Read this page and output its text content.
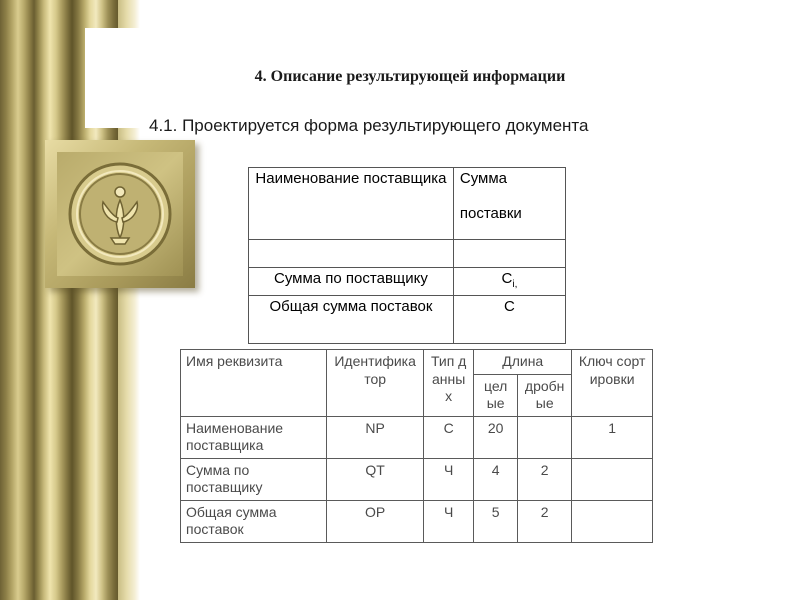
4. Описание результирующей информации
4.1. Проектируется форма результирующего документа
Наименование поставщика	Сумма
поставки

Сумма по поставщику	$C_{i,}$
Общая сумма поставок	C
Имя реквизита	Идентификатор	Тип данных	Длина		Ключ сортировки
			целые	дробные	
Наименование поставщика	NP	С	20		1
Сумма по поставщику	QT	Ч	4	2	
Общая сумма поставок	OP	Ч	5	2	
